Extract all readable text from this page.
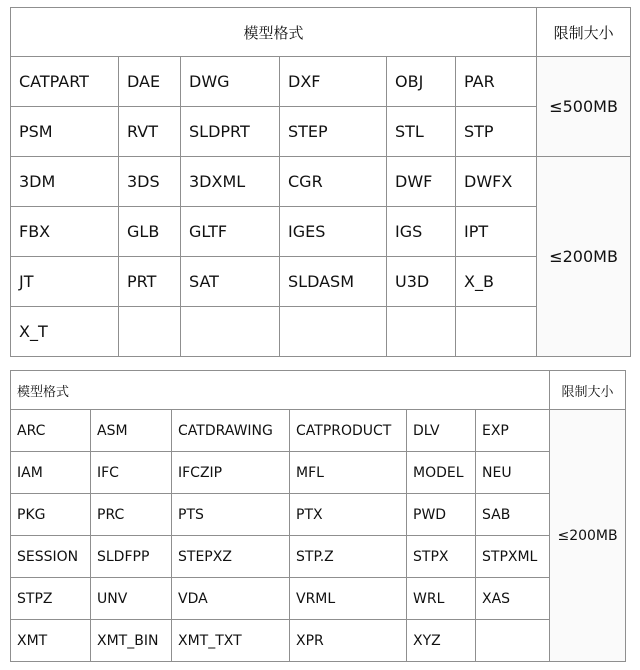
模型格式						限制大小
CATPART	DAE	DWG	DXF	OBJ	PAR	≤500MB
PSM	RVT	SLDPRT	STEP	STL	STP	
3DM	3DS	3DXML	CGR	DWF	DWFX	≤200MB
FBX	GLB	GLTF	IGES	IGS	IPT	
JT	PRT	SAT	SLDASM	U3D	X_B	
X_T						
模型格式						限制大小
ARC	ASM	CATDRAWING	CATPRODUCT	DLV	EXP	≤200MB
IAM	IFC	IFCZIP	MFL	MODEL	NEU	
PKG	PRC	PTS	PTX	PWD	SAB	
SESSION	SLDFPP	STEPXZ	STP.Z	STPX	STPXML	
STPZ	UNV	VDA	VRML	WRL	XAS	
XMT	XMT_BIN	XMT_TXT	XPR	XYZ		
